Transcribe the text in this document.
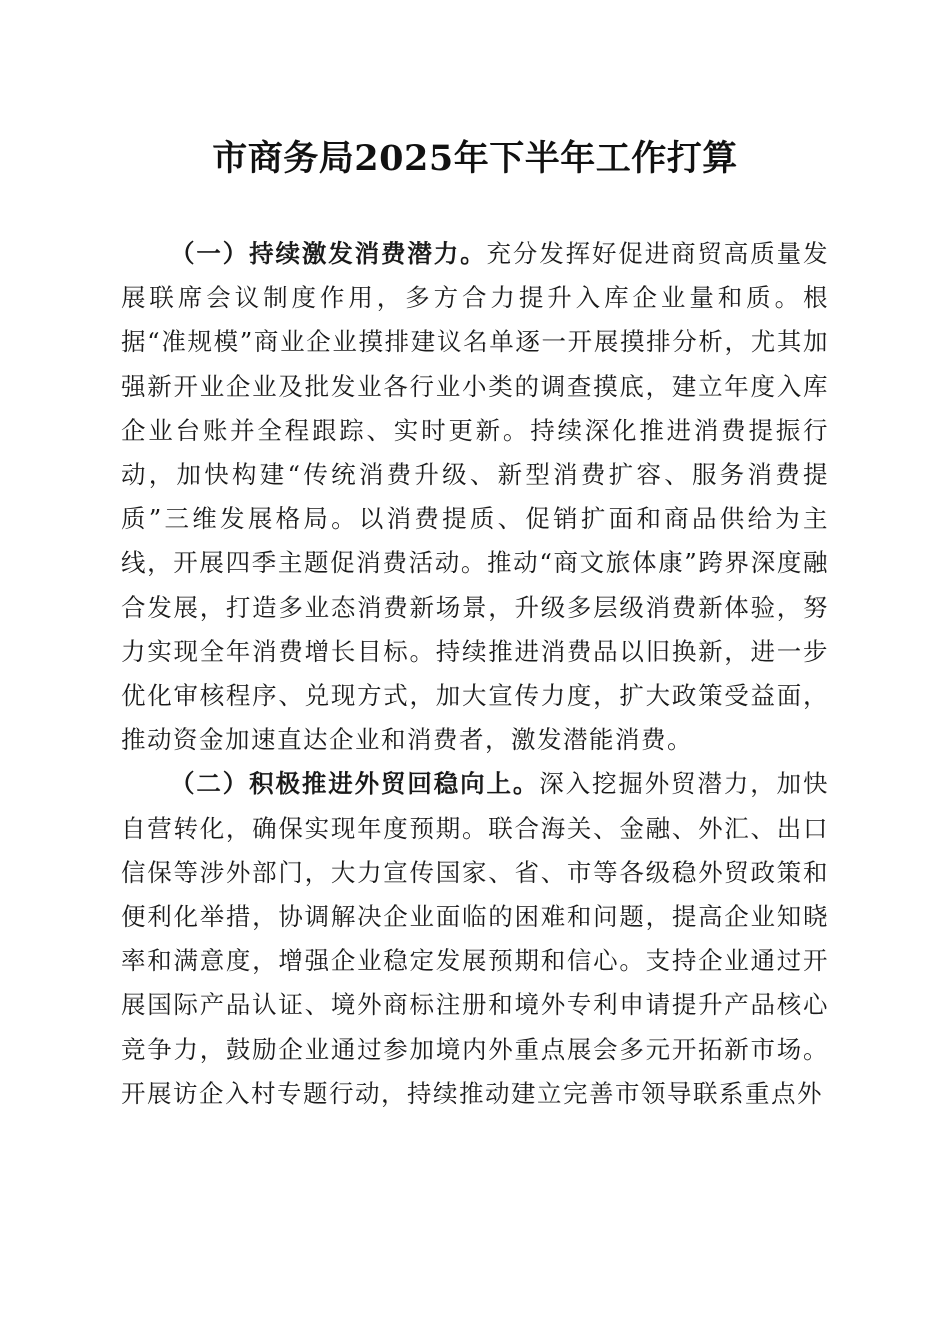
市商务局2025年下半年工作打算

（一）持续激发消费潜力。充分发挥好促进商贸高质量发展联席会议制度作用，多方合力提升入库企业量和质。根据“准规模”商业企业摸排建议名单逐一开展摸排分析，尤其加强新开业企业及批发业各行业小类的调查摸底，建立年度入库企业台账并全程跟踪、实时更新。持续深化推进消费提振行动，加快构建“传统消费升级、新型消费扩容、服务消费提质”三维发展格局。以消费提质、促销扩面和商品供给为主线，开展四季主题促消费活动。推动“商文旅体康”跨界深度融合发展，打造多业态消费新场景，升级多层级消费新体验，努力实现全年消费增长目标。持续推进消费品以旧换新，进一步优化审核程序、兑现方式，加大宣传力度，扩大政策受益面，推动资金加速直达企业和消费者，激发潜能消费。

（二）积极推进外贸回稳向上。深入挖掘外贸潜力，加快自营转化，确保实现年度预期。联合海关、金融、外汇、出口信保等涉外部门，大力宣传国家、省、市等各级稳外贸政策和便利化举措，协调解决企业面临的困难和问题，提高企业知晓率和满意度，增强企业稳定发展预期和信心。支持企业通过开展国际产品认证、境外商标注册和境外专利申请提升产品核心竞争力，鼓励企业通过参加境内外重点展会多元开拓新市场。开展访企入村专题行动，持续推动建立完善市领导联系重点外
